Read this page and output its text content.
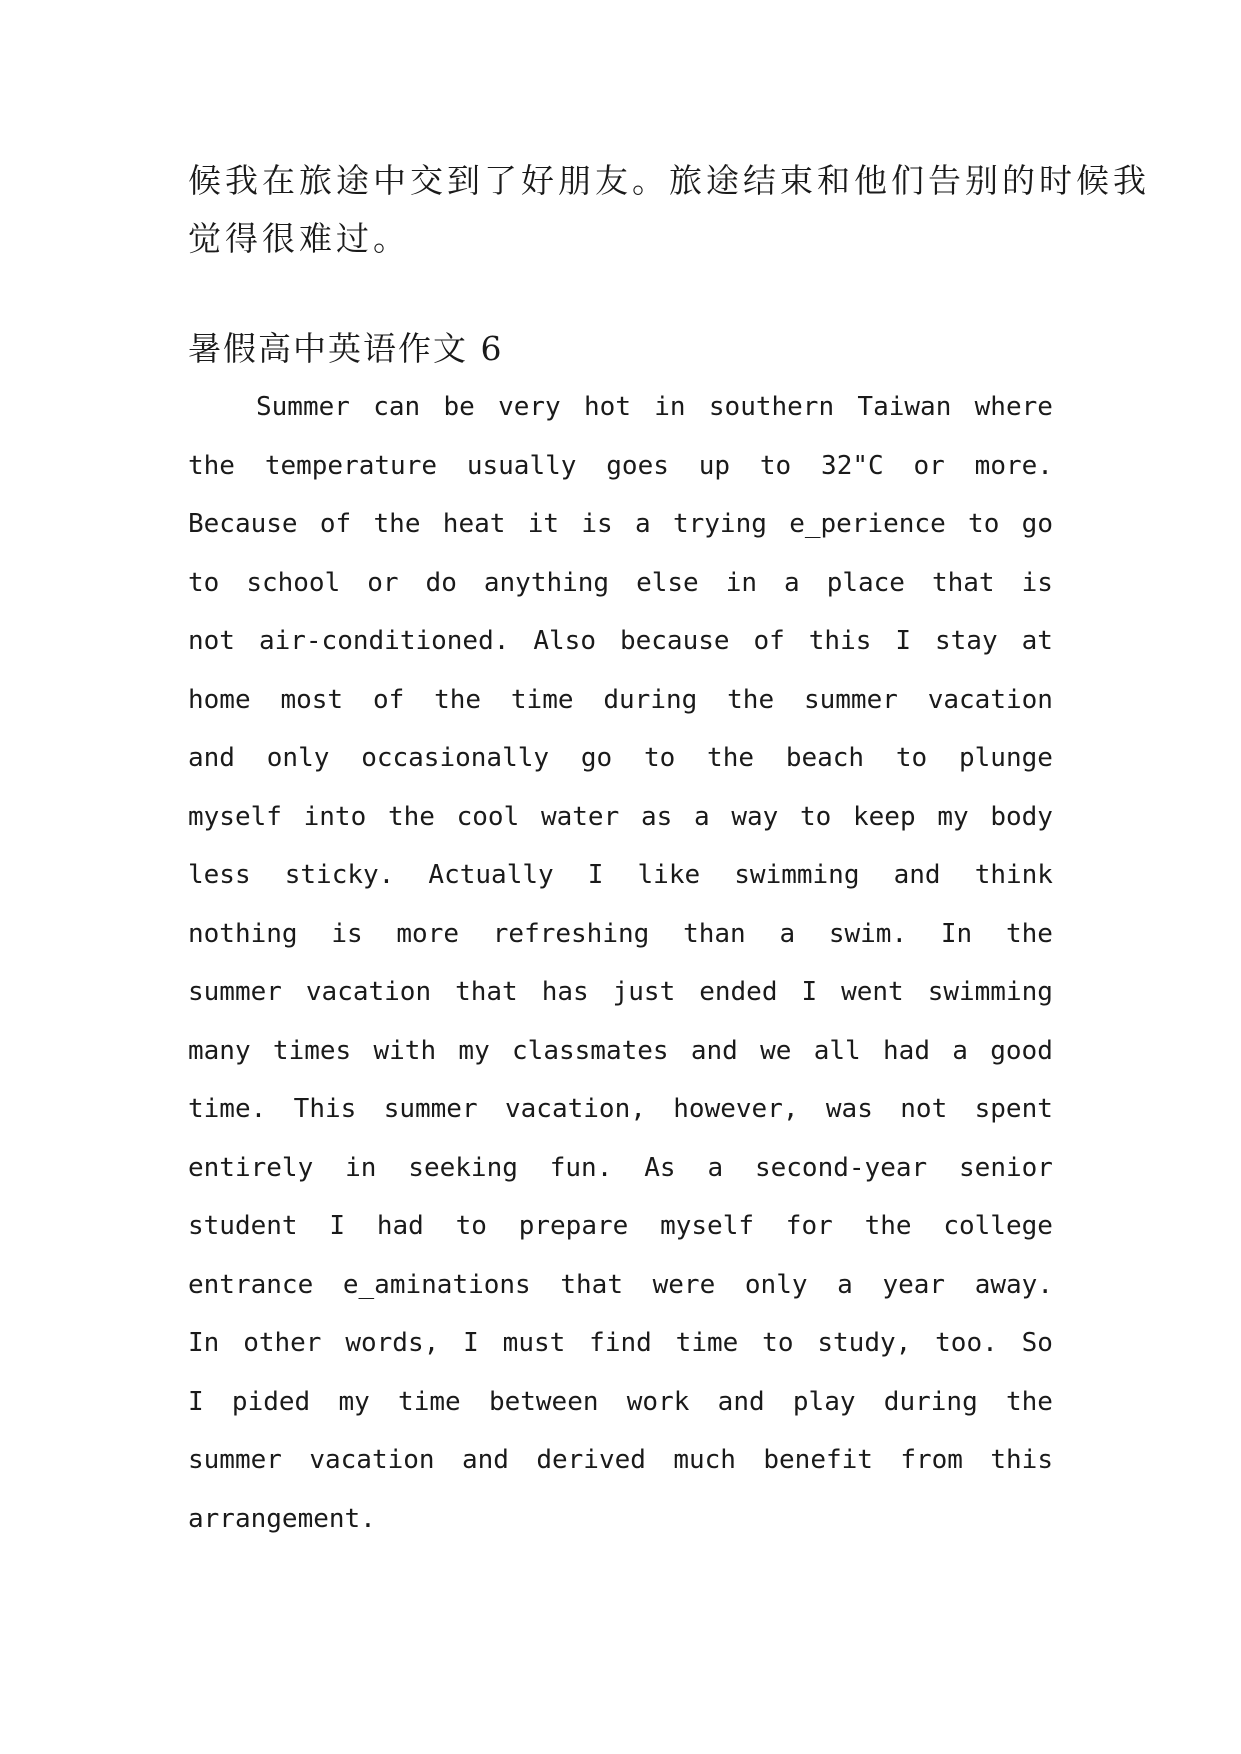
候我在旅途中交到了好朋友。旅途结束和他们告别的时候我

觉得很难过。

暑假高中英语作文 6
Summer can be very hot in southern Taiwan where
the temperature usually goes up to 32"C or more.
Because of the heat it is a trying e_perience to go
to school or do anything else in a place that is
not air-conditioned. Also because of this I stay at
home most of the time during the summer vacation
and only occasionally go to the beach to plunge
myself into the cool water as a way to keep my body
less sticky. Actually I like swimming and think
nothing is more refreshing than a swim. In the
summer vacation that has just ended I went swimming
many times with my classmates and we all had a good
time. This summer vacation, however, was not spent
entirely in seeking fun. As a second-year senior
student I had to prepare myself for the college
entrance e_aminations that were only a year away.
In other words, I must find time to study, too. So
I pided my time between work and play during the
summer vacation and derived much benefit from this
arrangement.
